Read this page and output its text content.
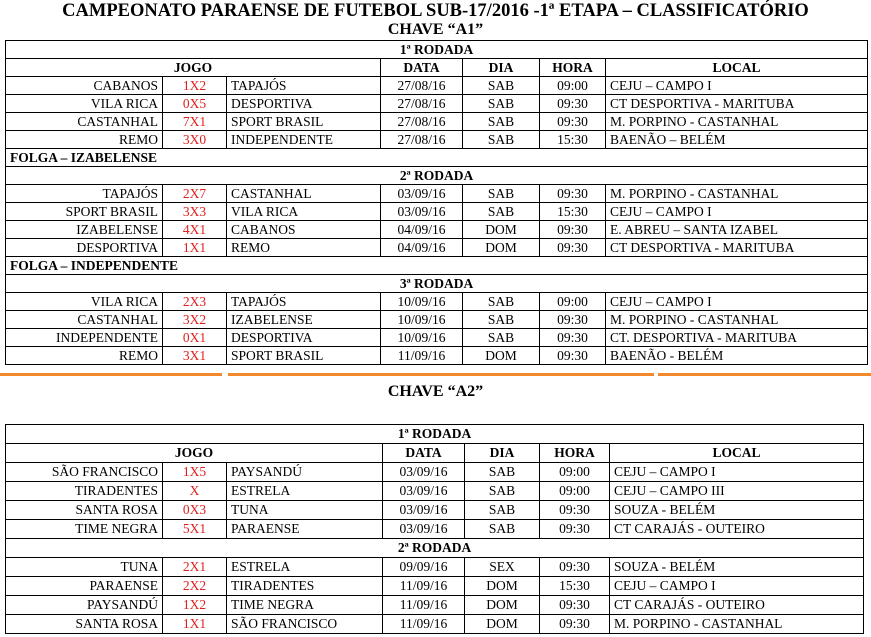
CAMPEONATO PARAENSE DE FUTEBOL SUB-17/2016 -1ª ETAPA – CLASSIFICATÓRIO
CHAVE “A1”
1ª RODADA						
JOGO			DATA	DIA	HORA	LOCAL
CABANOS	1X2	TAPAJÓS	27/08/16	SAB	09:00	CEJU – CAMPO I
VILA RICA	0X5	DESPORTIVA	27/08/16	SAB	09:30	CT DESPORTIVA - MARITUBA
CASTANHAL	7X1	SPORT BRASIL	27/08/16	SAB	09:30	M. PORPINO - CASTANHAL
REMO	3X0	INDEPENDENTE	27/08/16	SAB	15:30	BAENÃO – BELÉM
FOLGA – IZABELENSE						
2ª RODADA						
TAPAJÓS	2X7	CASTANHAL	03/09/16	SAB	09:30	M. PORPINO - CASTANHAL
SPORT BRASIL	3X3	VILA RICA	03/09/16	SAB	15:30	CEJU – CAMPO I
IZABELENSE	4X1	CABANOS	04/09/16	DOM	09:30	E. ABREU – SANTA IZABEL
DESPORTIVA	1X1	REMO	04/09/16	DOM	09:30	CT DESPORTIVA - MARITUBA
FOLGA – INDEPENDENTE						
3ª RODADA						
VILA RICA	2X3	TAPAJÓS	10/09/16	SAB	09:00	CEJU – CAMPO I
CASTANHAL	3X2	IZABELENSE	10/09/16	SAB	09:30	M. PORPINO - CASTANHAL
INDEPENDENTE	0X1	DESPORTIVA	10/09/16	SAB	09:30	CT. DESPORTIVA - MARITUBA
REMO	3X1	SPORT BRASIL	11/09/16	DOM	09:30	BAENÃO - BELÉM
CHAVE “A2”
1ª RODADA						
JOGO			DATA	DIA	HORA	LOCAL
SÃO FRANCISCO	1X5	PAYSANDÚ	03/09/16	SAB	09:00	CEJU – CAMPO I
TIRADENTES	X	ESTRELA	03/09/16	SAB	09:00	CEJU – CAMPO III
SANTA ROSA	0X3	TUNA	03/09/16	SAB	09:30	SOUZA - BELÉM
TIME NEGRA	5X1	PARAENSE	03/09/16	SAB	09:30	CT CARAJÁS - OUTEIRO
2ª RODADA						
TUNA	2X1	ESTRELA	09/09/16	SEX	09:30	SOUZA - BELÉM
PARAENSE	2X2	TIRADENTES	11/09/16	DOM	15:30	CEJU – CAMPO I
PAYSANDÚ	1X2	TIME NEGRA	11/09/16	DOM	09:30	CT CARAJÁS - OUTEIRO
SANTA ROSA	1X1	SÃO FRANCISCO	11/09/16	DOM	09:30	M. PORPINO - CASTANHAL
